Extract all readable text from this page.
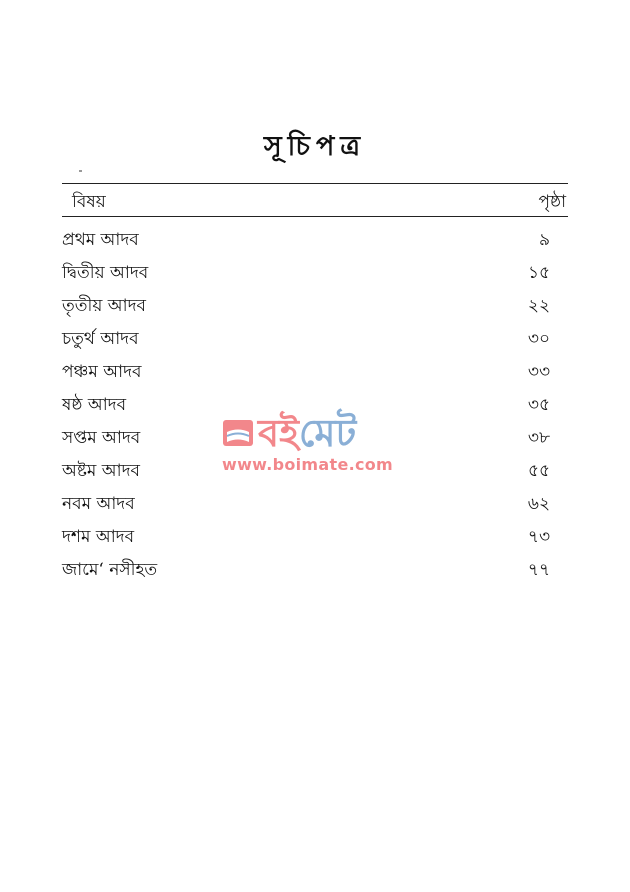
সূচিপত্র
বিষয়	পৃষ্ঠা
প্রথম আদব	৯
দ্বিতীয় আদব	১৫
তৃতীয় আদব	২২
চতুর্থ আদব	৩০
পঞ্চম আদব	৩৩
ষষ্ঠ আদব	৩৫
সপ্তম আদব	৩৮
অষ্টম আদব	৫৫
নবম আদব	৬২
দশম আদব	৭৩
জামে‘ নসীহত	৭৭
বই মেট
www.boimate.com
